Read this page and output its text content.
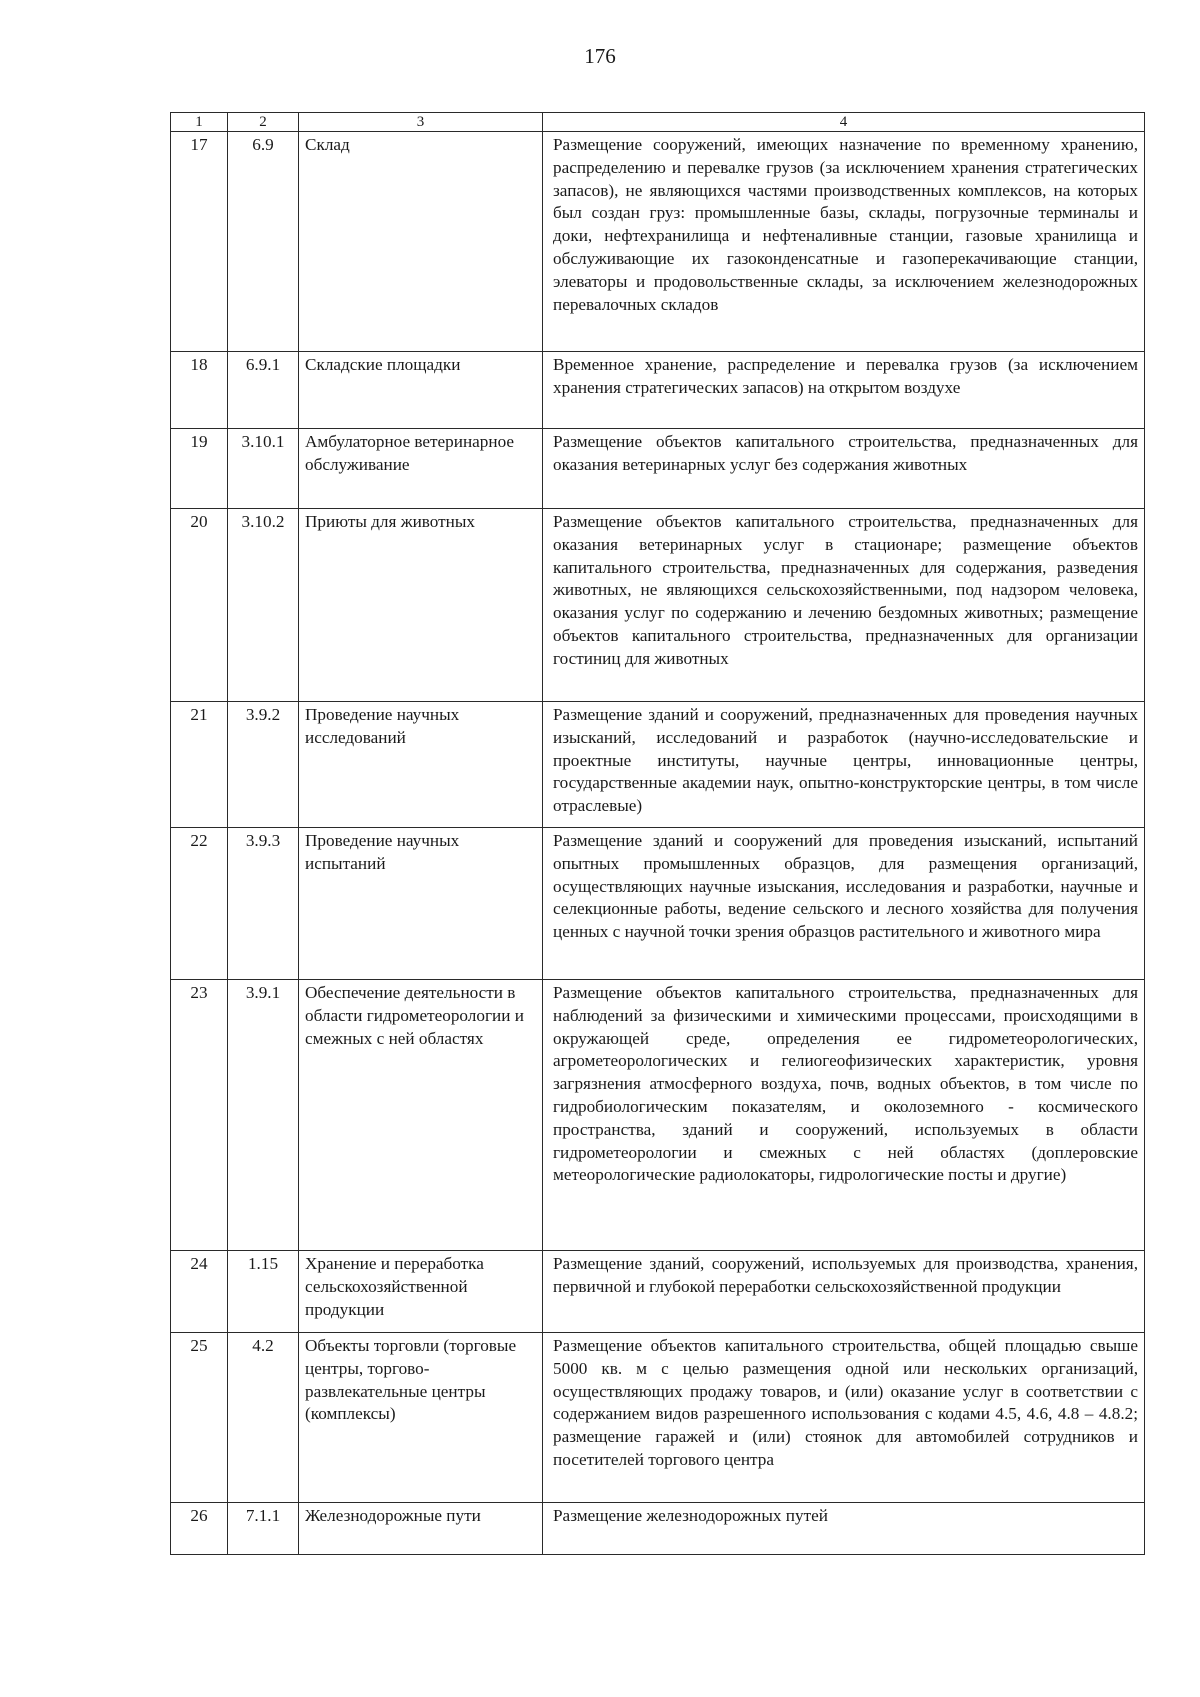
176
1	2	3	4
17	6.9	Склад	Размещение сооружений, имеющих назначение по временному хранению, распределению и перевалке грузов (за исключением хранения стратегических запасов), не являющихся частями производственных комплексов, на которых был создан груз: промышленные базы, склады, погрузочные терминалы и доки, нефтехранилища и нефтеналивные станции, газовые хранилища и обслуживающие их газоконденсатные и газоперекачивающие станции, элеваторы и продовольственные склады, за исключением железнодорожных перевалочных складов
18	6.9.1	Складские площадки	Временное хранение, распределение и перевалка грузов (за исключением хранения стратегических запасов) на открытом воздухе
19	3.10.1	Амбулаторное ветеринарное обслуживание	Размещение объектов капитального строительства, предназначенных для оказания ветеринарных услуг без содержания животных
20	3.10.2	Приюты для животных	Размещение объектов капитального строительства, предназначенных для оказания ветеринарных услуг в стационаре; размещение объектов капитального строительства, предназначенных для содержания, разведения животных, не являющихся сельскохозяйственными, под надзором человека, оказания услуг по содержанию и лечению бездомных животных; размещение объектов капитального строительства, предназначенных для организации гостиниц для животных
21	3.9.2	Проведение научных исследований	Размещение зданий и сооружений, предназначенных для проведения научных изысканий, исследований и разработок (научно-исследовательские и проектные институты, научные центры, инновационные центры, государственные академии наук, опытно-конструкторские центры, в том числе отраслевые)
22	3.9.3	Проведение научных испытаний	Размещение зданий и сооружений для проведения изысканий, испытаний опытных промышленных образцов, для размещения организаций, осуществляющих научные изыскания, исследования и разработки, научные и селекционные работы, ведение сельского и лесного хозяйства для получения ценных с научной точки зрения образцов растительного и животного мира
23	3.9.1	Обеспечение деятельности в области гидрометеорологии и смежных с ней областях	Размещение объектов капитального строительства, предназначенных для наблюдений за физическими и химическими процессами, происходящими в окружающей среде, определения ее гидрометеорологических, агрометеорологических и гелиогеофизических характеристик, уровня загрязнения атмосферного воздуха, почв, водных объектов, в том числе по гидробиологическим показателям, и околоземного - космического пространства, зданий и сооружений, используемых в области гидрометеорологии и смежных с ней областях (доплеровские метеорологические радиолокаторы, гидрологические посты и другие)
24	1.15	Хранение и переработка сельскохозяйственной продукции	Размещение зданий, сооружений, используемых для производства, хранения, первичной и глубокой переработки сельскохозяйственной продукции
25	4.2	Объекты торговли (торговые центры, торгово-развлекательные центры (комплексы)	Размещение объектов капитального строительства, общей площадью свыше 5000 кв. м с целью размещения одной или нескольких организаций, осуществляющих продажу товаров, и (или) оказание услуг в соответствии с содержанием видов разрешенного использования с кодами 4.5, 4.6, 4.8 – 4.8.2; размещение гаражей и (или) стоянок для автомобилей сотрудников и посетителей торгового центра
26	7.1.1	Железнодорожные пути	Размещение железнодорожных путей
